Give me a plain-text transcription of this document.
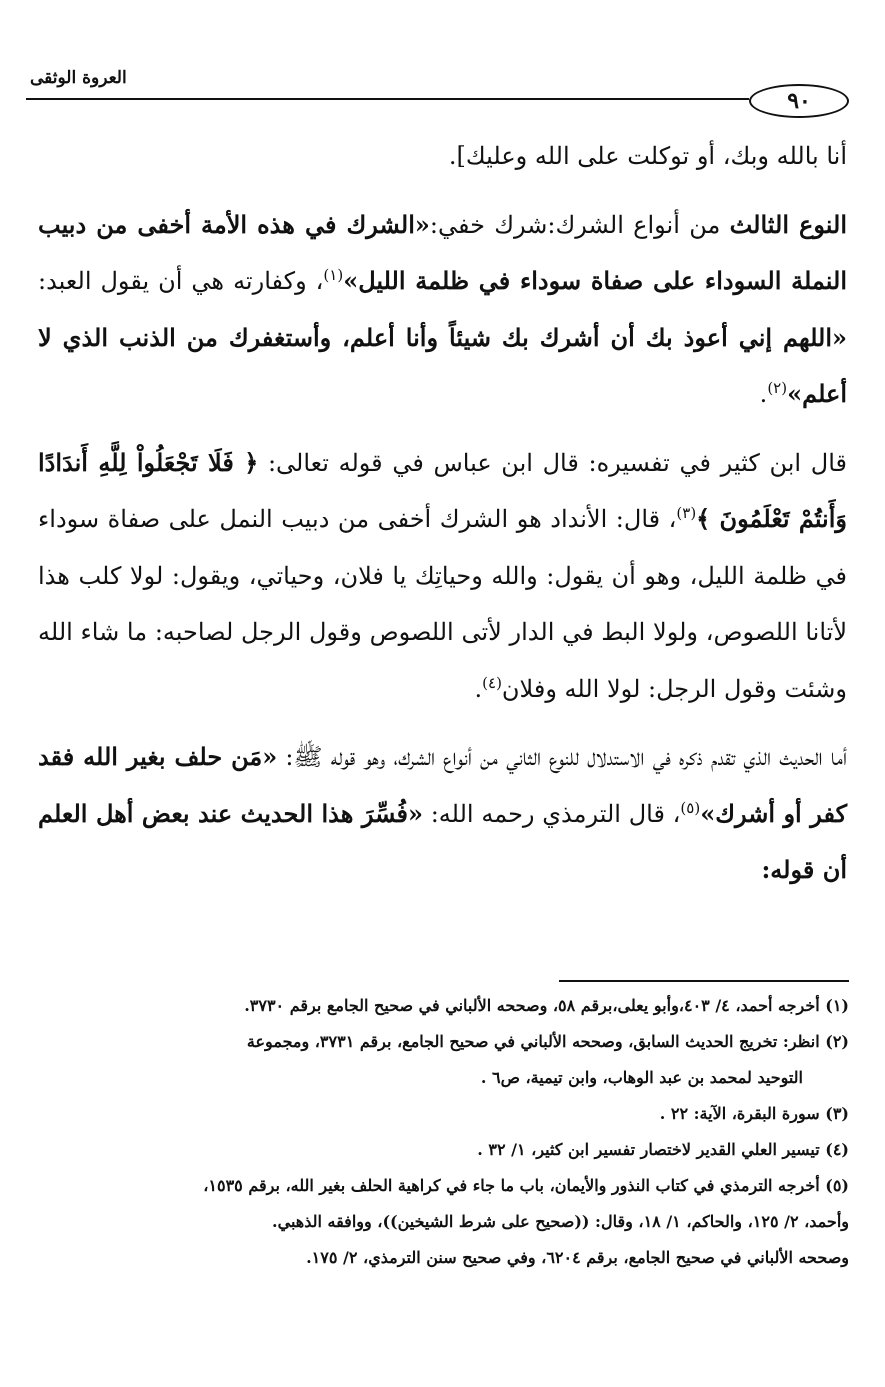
العروة الوثقى
٩٠

أنا بالله وبك، أو توكلت على الله وعليك].

النوع الثالث من أنواع الشرك:شرك خفي:«الشرك في هذه الأمة أخفى من دبيب النملة السوداء على صفاة سوداء في ظلمة الليل»$^{(١)}$، وكفارته هي أن يقول العبد: «اللهم إني أعوذ بك أن أشرك بك شيئاً وأنا أعلم، وأستغفرك من الذنب الذي لا أعلم»$^{(٢)}$.

قال ابن كثير في تفسيره: قال ابن عباس في قوله تعالى: ﴿ فَلَا تَجْعَلُواْ لِلَّهِ أَندَادًا وَأَنتُمْ تَعْلَمُونَ ﴾$^{(٣)}$، قال: الأنداد هو الشرك أخفى من دبيب النمل على صفاة سوداء في ظلمة الليل، وهو أن يقول: والله وحياتِك يا فلان، وحياتي، ويقول: لولا كلب هذا لأتانا اللصوص، ولولا البط في الدار لأتى اللصوص وقول الرجل لصاحبه: ما شاء الله وشئت وقول الرجل: لولا الله وفلان$^{(٤)}$.

أما الحديث الذي تقدم ذكره في الاستدلال للنوع الثاني من أنواع الشرك، وهو قوله ﷺ: «مَن حلف بغير الله فقد كفر أو أشرك»$^{(٥)}$، قال الترمذي رحمه الله: «فُسِّرَ هذا الحديث عند بعض أهل العلم أن قوله:

(١) أخرجه أحمد، ٤/ ٤٠٣،وأبو يعلى،برقم ٥٨، وصححه الألباني في صحيح الجامع برقم ٣٧٣٠.

(٢) انظر: تخريج الحديث السابق، وصححه الألباني في صحيح الجامع، برقم ٣٧٣١، ومجموعة
التوحيد لمحمد بن عبد الوهاب، وابن تيمية، ص٦ .

(٣) سورة البقرة، الآية: ٢٢ .

(٤) تيسير العلي القدير لاختصار تفسير ابن كثير، ١/ ٣٢ .

(٥) أخرجه الترمذي في كتاب النذور والأيمان، باب ما جاء في كراهية الحلف بغير الله، برقم ١٥٣٥،
وأحمد، ٢/ ١٢٥، والحاكم، ١/ ١٨، وقال: ((صحيح على شرط الشيخين))، ووافقه الذهبي.
وصححه الألباني في صحيح الجامع، برقم ٦٢٠٤، وفي صحيح سنن الترمذي، ٢/ ١٧٥.
